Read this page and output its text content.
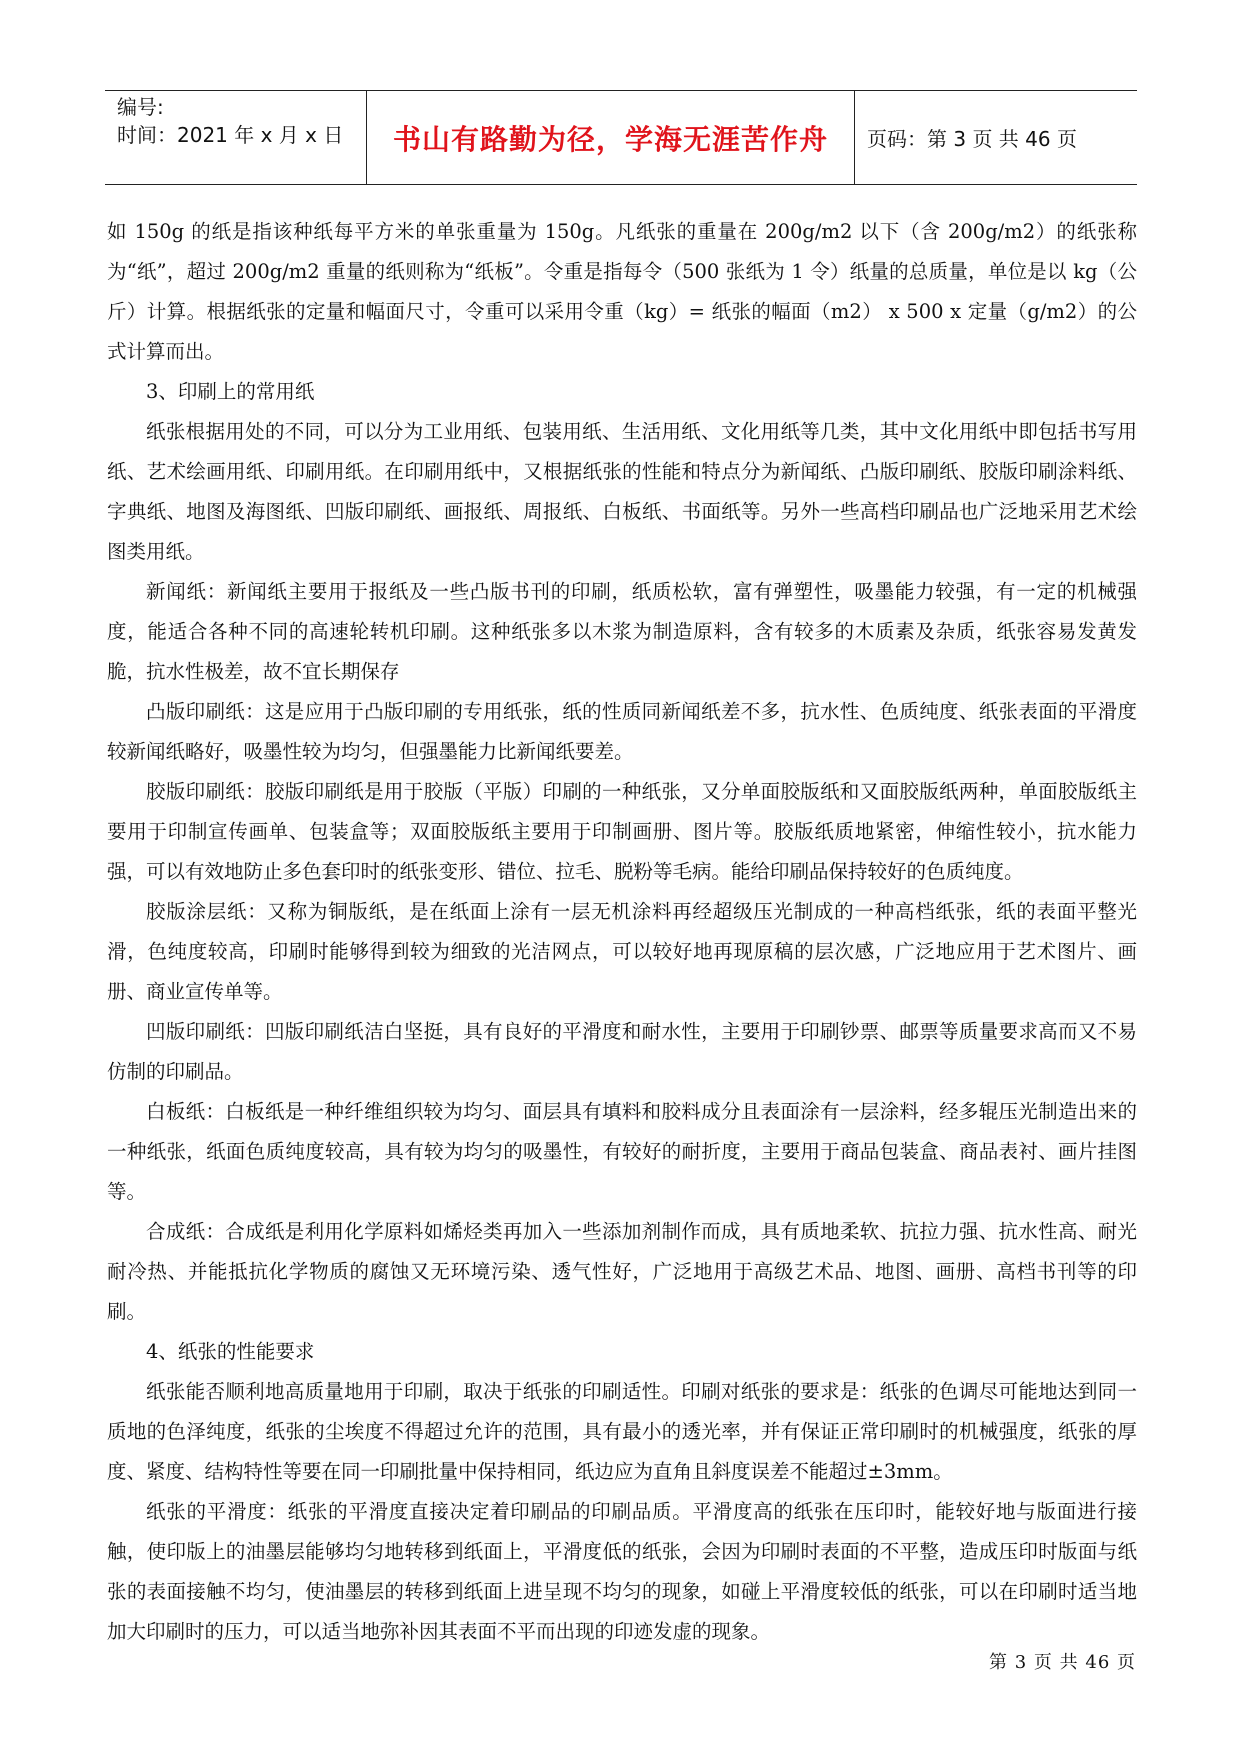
编号:
时间：2021 年 x 月 x 日	书山有路勤为径，学海无涯苦作舟 页码：第 3 页 共 46 页

如 150g 的纸是指该种纸每平方米的单张重量为 150g。凡纸张的重量在 200g/m2 以下（含 200g/m2）的纸张称为“纸”，超过 200g/m2 重量的纸则称为“纸板”。令重是指每令（500 张纸为 1 令）纸量的总质量，单位是以 kg（公斤）计算。根据纸张的定量和幅面尺寸，令重可以采用令重（kg）= 纸张的幅面（m2） x 500 x 定量（g/m2）的公式计算而出。

3、印刷上的常用纸

纸张根据用处的不同，可以分为工业用纸、包装用纸、生活用纸、文化用纸等几类，其中文化用纸中即包括书写用纸、艺术绘画用纸、印刷用纸。在印刷用纸中，又根据纸张的性能和特点分为新闻纸、凸版印刷纸、胶版印刷涂料纸、字典纸、地图及海图纸、凹版印刷纸、画报纸、周报纸、白板纸、书面纸等。另外一些高档印刷品也广泛地采用艺术绘图类用纸。

新闻纸：新闻纸主要用于报纸及一些凸版书刊的印刷，纸质松软，富有弹塑性，吸墨能力较强，有一定的机械强度，能适合各种不同的高速轮转机印刷。这种纸张多以木浆为制造原料，含有较多的木质素及杂质，纸张容易发黄发脆，抗水性极差，故不宜长期保存

凸版印刷纸：这是应用于凸版印刷的专用纸张，纸的性质同新闻纸差不多，抗水性、色质纯度、纸张表面的平滑度较新闻纸略好，吸墨性较为均匀，但强墨能力比新闻纸要差。

胶版印刷纸：胶版印刷纸是用于胶版（平版）印刷的一种纸张，又分单面胶版纸和又面胶版纸两种，单面胶版纸主要用于印制宣传画单、包装盒等；双面胶版纸主要用于印制画册、图片等。胶版纸质地紧密，伸缩性较小，抗水能力强，可以有效地防止多色套印时的纸张变形、错位、拉毛、脱粉等毛病。能给印刷品保持较好的色质纯度。

胶版涂层纸：又称为铜版纸，是在纸面上涂有一层无机涂料再经超级压光制成的一种高档纸张，纸的表面平整光滑，色纯度较高，印刷时能够得到较为细致的光洁网点，可以较好地再现原稿的层次感，广泛地应用于艺术图片、画册、商业宣传单等。

凹版印刷纸：凹版印刷纸洁白坚挺，具有良好的平滑度和耐水性，主要用于印刷钞票、邮票等质量要求高而又不易仿制的印刷品。

白板纸：白板纸是一种纤维组织较为均匀、面层具有填料和胶料成分且表面涂有一层涂料，经多辊压光制造出来的一种纸张，纸面色质纯度较高，具有较为均匀的吸墨性，有较好的耐折度，主要用于商品包装盒、商品表衬、画片挂图等。

合成纸：合成纸是利用化学原料如烯烃类再加入一些添加剂制作而成，具有质地柔软、抗拉力强、抗水性高、耐光耐冷热、并能抵抗化学物质的腐蚀又无环境污染、透气性好，广泛地用于高级艺术品、地图、画册、高档书刊等的印刷。

4、纸张的性能要求

纸张能否顺利地高质量地用于印刷，取决于纸张的印刷适性。印刷对纸张的要求是：纸张的色调尽可能地达到同一质地的色泽纯度，纸张的尘埃度不得超过允许的范围，具有最小的透光率，并有保证正常印刷时的机械强度，纸张的厚度、紧度、结构特性等要在同一印刷批量中保持相同，纸边应为直角且斜度误差不能超过±3mm。

纸张的平滑度：纸张的平滑度直接决定着印刷品的印刷品质。平滑度高的纸张在压印时，能较好地与版面进行接触，使印版上的油墨层能够均匀地转移到纸面上，平滑度低的纸张，会因为印刷时表面的不平整，造成压印时版面与纸张的表面接触不均匀，使油墨层的转移到纸面上进呈现不均匀的现象，如碰上平滑度较低的纸张，可以在印刷时适当地加大印刷时的压力，可以适当地弥补因其表面不平而出现的印迹发虚的现象。

第 3 页 共 46 页
